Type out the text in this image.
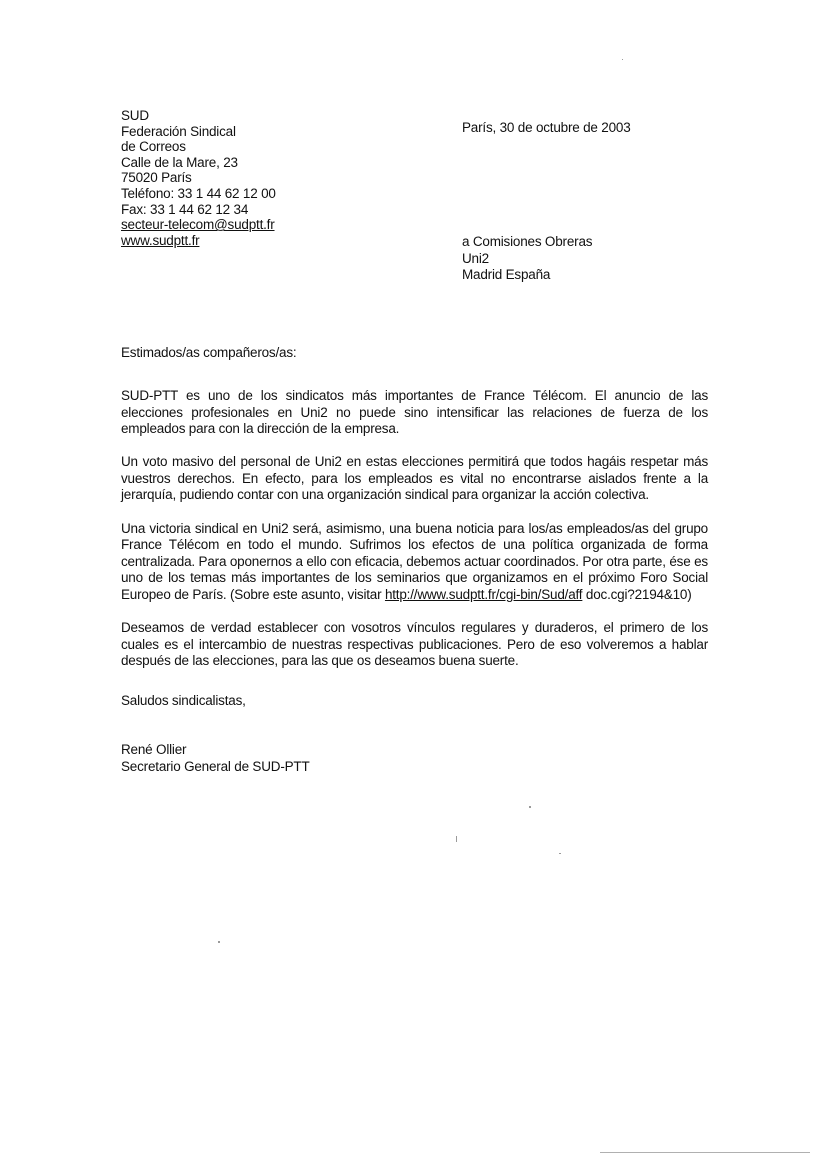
SUD
Federación Sindical
de Correos
Calle de la Mare, 23
75020 París
Teléfono: 33 1 44 62 12 00
Fax: 33 1 44 62 12 34
secteur-telecom@sudptt.fr
www.sudptt.fr
París, 30 de octubre de 2003
a Comisiones Obreras
Uni2
Madrid España
Estimados/as compañeros/as:

SUD-PTT es uno de los sindicatos más importantes de France Télécom. El anuncio de las elecciones profesionales en Uni2 no puede sino intensificar las relaciones de fuerza de los empleados para con la dirección de la empresa.

Un voto masivo del personal de Uni2 en estas elecciones permitirá que todos hagáis respetar más vuestros derechos. En efecto, para los empleados es vital no encontrarse aislados frente a la jerarquía, pudiendo contar con una organización sindical para organizar la acción colectiva.

Una victoria sindical en Uni2 será, asimismo, una buena noticia para los/as empleados/as del grupo France Télécom en todo el mundo. Sufrimos los efectos de una política organizada de forma centralizada. Para oponernos a ello con eficacia, debemos actuar coordinados. Por otra parte, ése es uno de los temas más importantes de los seminarios que organizamos en el próximo Foro Social Europeo de París. (Sobre este asunto, visitar http://www.sudptt.fr/cgi-bin/Sud/aff doc.cgi?2194&10)

Deseamos de verdad establecer con vosotros vínculos regulares y duraderos, el primero de los cuales es el intercambio de nuestras respectivas publicaciones. Pero de eso volveremos a hablar después de las elecciones, para las que os deseamos buena suerte.

Saludos sindicalistas,
René Ollier
Secretario General de SUD-PTT
